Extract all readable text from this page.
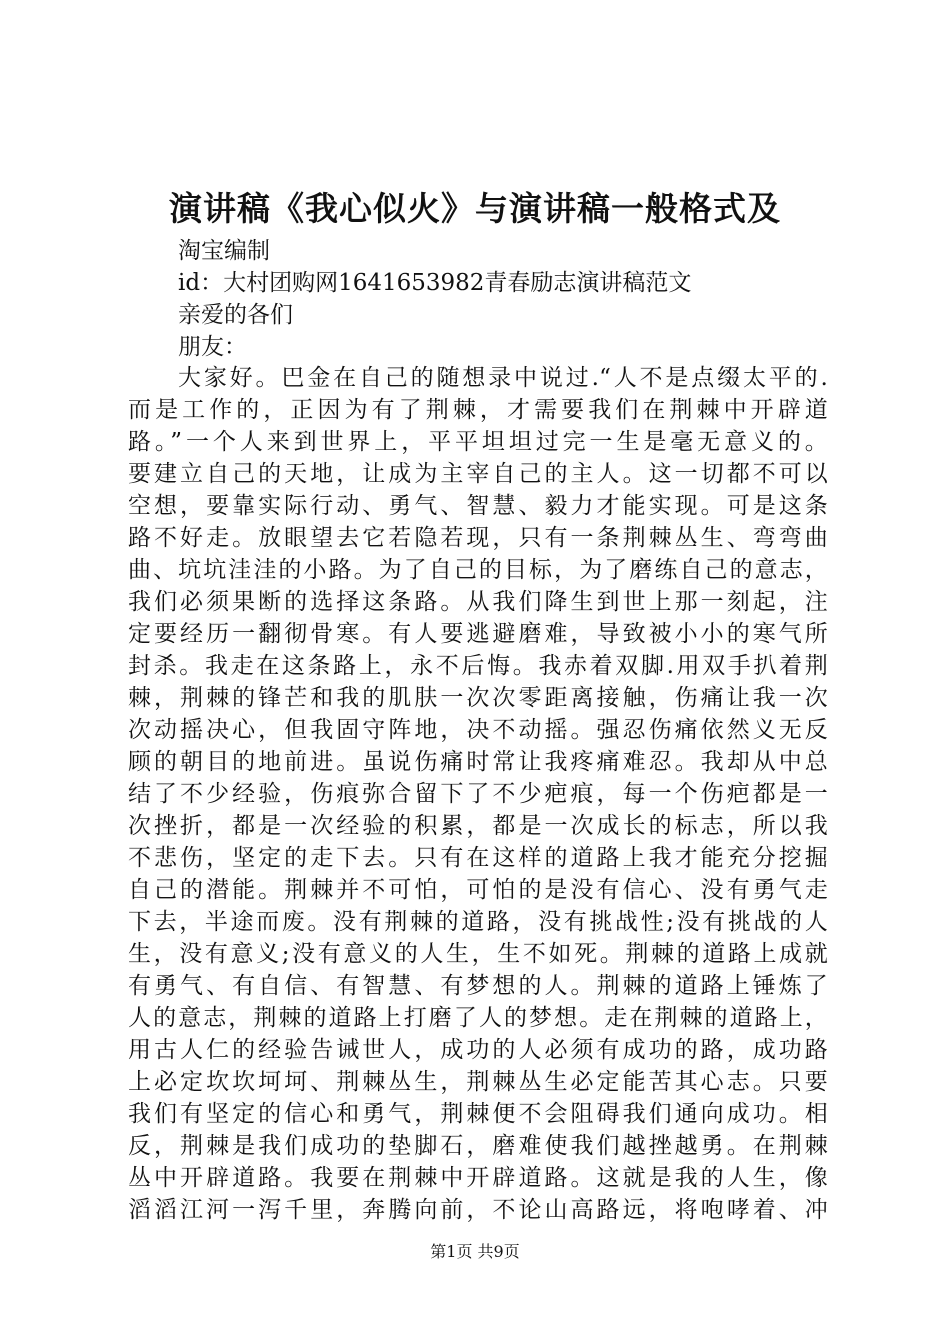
演讲稿《我心似火》与演讲稿一般格式及
淘宝编制
id：大村团购网1641653982青春励志演讲稿范文
亲爱的各们
朋友：
大家好。巴金在自己的随想录中说过.“人不是点缀太平的.
而是工作的，正因为有了荆棘，才需要我们在荆棘中开辟道
路。”一个人来到世界上，平平坦坦过完一生是毫无意义的。
要建立自己的天地，让成为主宰自己的主人。这一切都不可以
空想，要靠实际行动、勇气、智慧、毅力才能实现。可是这条
路不好走。放眼望去它若隐若现，只有一条荆棘丛生、弯弯曲
曲、坑坑洼洼的小路。为了自己的目标，为了磨练自己的意志，
我们必须果断的选择这条路。从我们降生到世上那一刻起，注
定要经历一翻彻骨寒。有人要逃避磨难，导致被小小的寒气所
封杀。我走在这条路上，永不后悔。我赤着双脚.用双手扒着荆
棘，荆棘的锋芒和我的肌肤一次次零距离接触，伤痛让我一次
次动摇决心，但我固守阵地，决不动摇。强忍伤痛依然义无反
顾的朝目的地前进。虽说伤痛时常让我疼痛难忍。我却从中总
结了不少经验，伤痕弥合留下了不少疤痕，每一个伤疤都是一
次挫折，都是一次经验的积累，都是一次成长的标志，所以我
不悲伤，坚定的走下去。只有在这样的道路上我才能充分挖掘
自己的潜能。荆棘并不可怕，可怕的是没有信心、没有勇气走
下去，半途而废。没有荆棘的道路，没有挑战性;没有挑战的人
生，没有意义;没有意义的人生，生不如死。荆棘的道路上成就
有勇气、有自信、有智慧、有梦想的人。荆棘的道路上锤炼了
人的意志，荆棘的道路上打磨了人的梦想。走在荆棘的道路上，
用古人仁的经验告诫世人，成功的人必须有成功的路，成功路
上必定坎坎坷坷、荆棘丛生，荆棘丛生必定能苦其心志。只要
我们有坚定的信心和勇气，荆棘便不会阻碍我们通向成功。相
反，荆棘是我们成功的垫脚石，磨难使我们越挫越勇。在荆棘
丛中开辟道路。我要在荆棘中开辟道路。这就是我的人生，像
滔滔江河一泻千里，奔腾向前，不论山高路远，将咆哮着、冲
第1页 共9页
